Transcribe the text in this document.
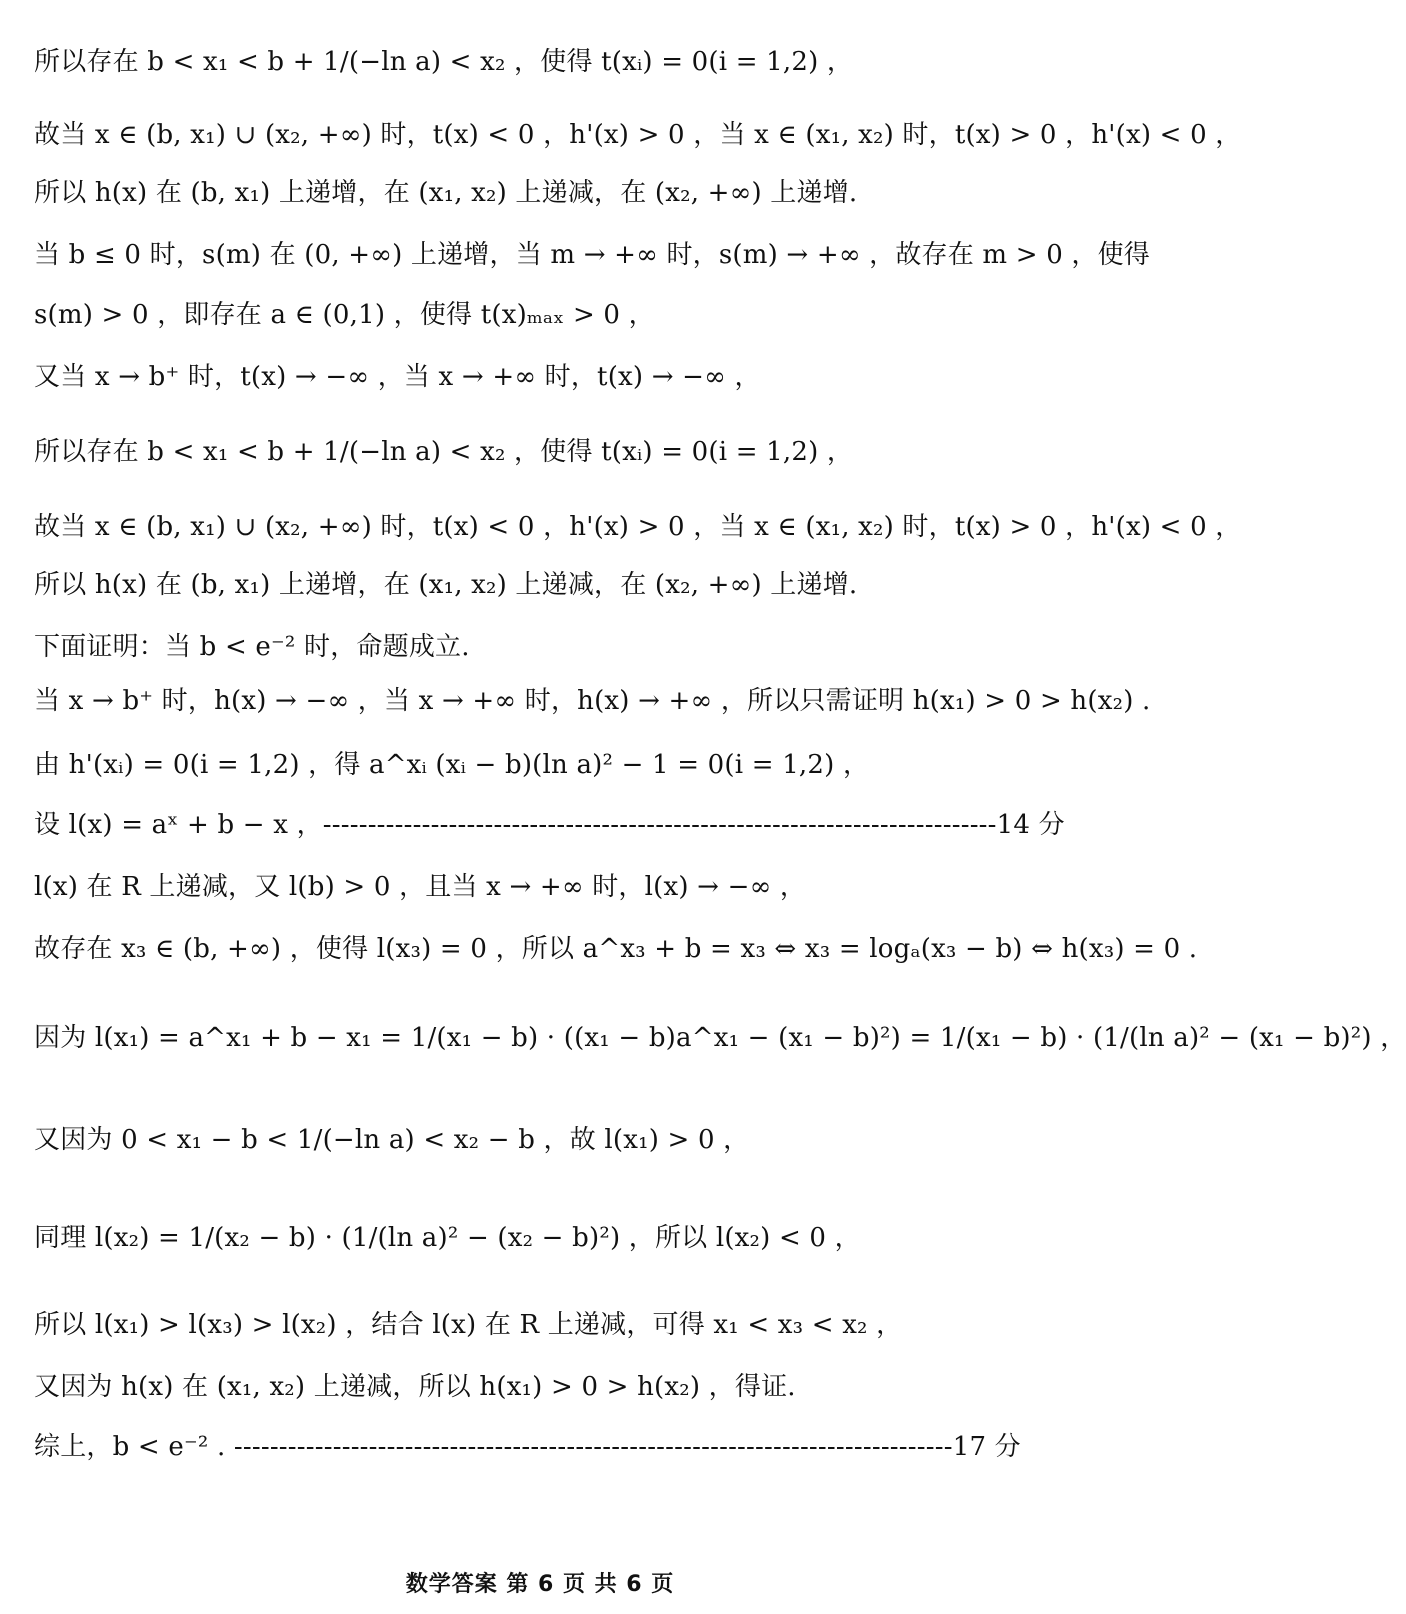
所以存在 b < x₁ < b + 1/(−ln a) < x₂ ，使得 t(xᵢ) = 0(i = 1,2) ，
故当 x ∈ (b, x₁) ∪ (x₂, +∞) 时，t(x) < 0 ，h'(x) > 0 ，当 x ∈ (x₁, x₂) 时，t(x) > 0 ，h'(x) < 0 ，
所以 h(x) 在 (b, x₁) 上递增，在 (x₁, x₂) 上递减，在 (x₂, +∞) 上递增.
当 b ≤ 0 时，s(m) 在 (0, +∞) 上递增，当 m → +∞ 时，s(m) → +∞ ，故存在 m > 0 ，使得
s(m) > 0 ，即存在 a ∈ (0,1) ，使得 t(x)ₘₐₓ > 0 ，
又当 x → b⁺ 时，t(x) → −∞ ，当 x → +∞ 时，t(x) → −∞ ，
所以存在 b < x₁ < b + 1/(−ln a) < x₂ ，使得 t(xᵢ) = 0(i = 1,2) ，
故当 x ∈ (b, x₁) ∪ (x₂, +∞) 时，t(x) < 0 ，h'(x) > 0 ，当 x ∈ (x₁, x₂) 时，t(x) > 0 ，h'(x) < 0 ，
所以 h(x) 在 (b, x₁) 上递增，在 (x₁, x₂) 上递减，在 (x₂, +∞) 上递增.
下面证明：当 b < e⁻² 时，命题成立.
当 x → b⁺ 时，h(x) → −∞ ，当 x → +∞ 时，h(x) → +∞ ，所以只需证明 h(x₁) > 0 > h(x₂) .
由 h'(xᵢ) = 0(i = 1,2) ，得 a^xᵢ (xᵢ − b)(ln a)² − 1 = 0(i = 1,2) ，
设 l(x) = aˣ + b − x ，---------------------------------------------------------------------------14 分
l(x) 在 R 上递减，又 l(b) > 0 ，且当 x → +∞ 时，l(x) → −∞ ，
故存在 x₃ ∈ (b, +∞) ，使得 l(x₃) = 0 ，所以 a^x₃ + b = x₃ ⇔ x₃ = logₐ(x₃ − b) ⇔ h(x₃) = 0 .
因为 l(x₁) = a^x₁ + b − x₁ = 1/(x₁ − b) · ((x₁ − b)a^x₁ − (x₁ − b)²) = 1/(x₁ − b) · (1/(ln a)² − (x₁ − b)²) ，
又因为 0 < x₁ − b < 1/(−ln a) < x₂ − b ，故 l(x₁) > 0 ，
同理 l(x₂) = 1/(x₂ − b) · (1/(ln a)² − (x₂ − b)²) ，所以 l(x₂) < 0 ，
所以 l(x₁) > l(x₃) > l(x₂) ，结合 l(x) 在 R 上递减，可得 x₁ < x₃ < x₂ ，
又因为 h(x) 在 (x₁, x₂) 上递减，所以 h(x₁) > 0 > h(x₂) ，得证.
综上，b < e⁻² . --------------------------------------------------------------------------------17 分
数学答案 第 6 页 共 6 页
